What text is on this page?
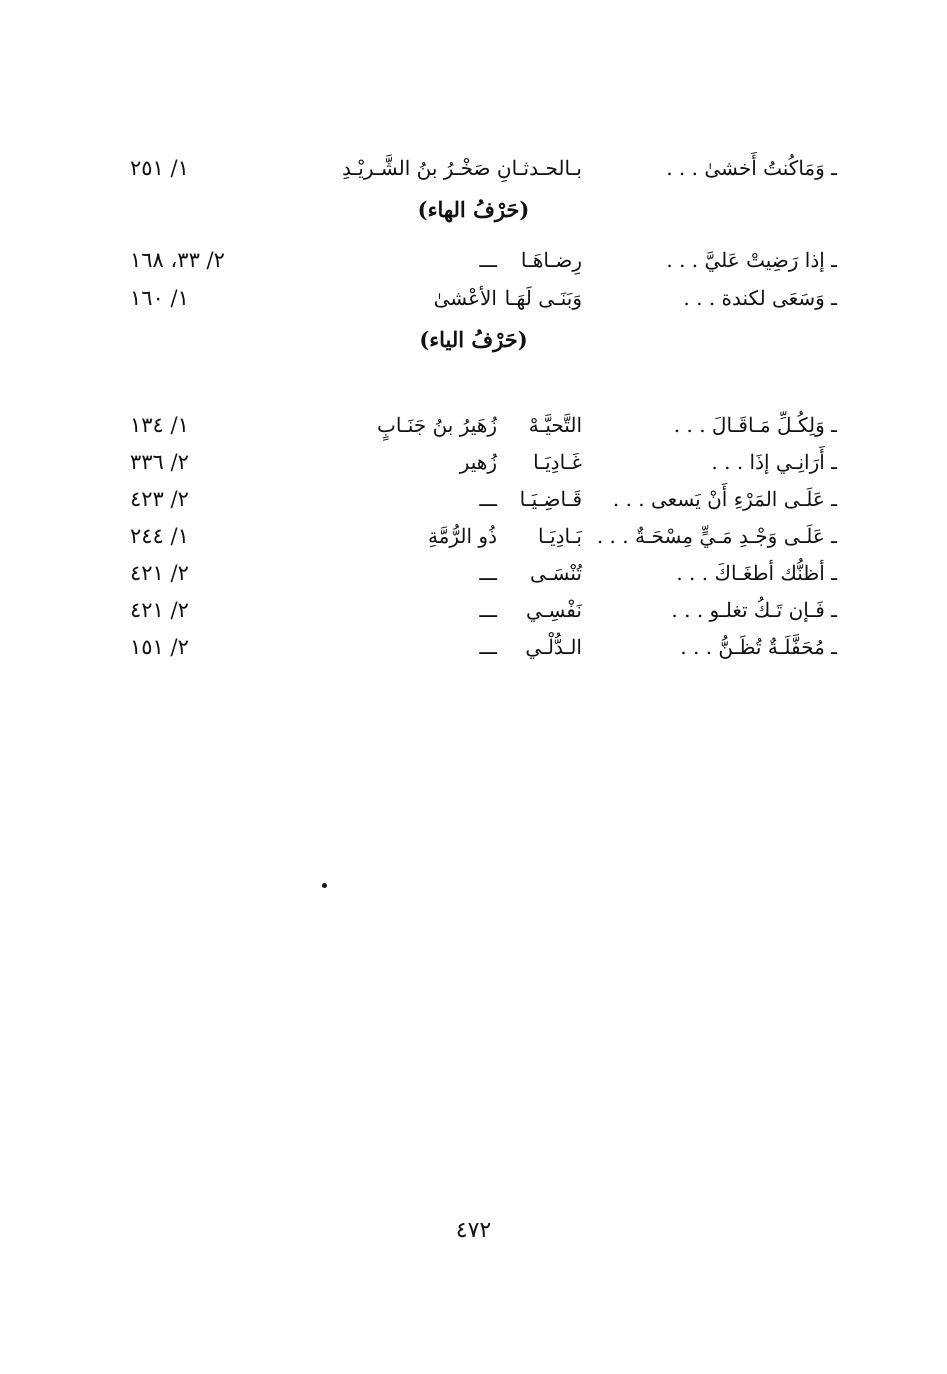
ـ وَمَاكُنتُ أَخشىٰ . . .
بـالحـدثـانِ صَخْـرُ بنُ الشَّـريْـدِ
١/ ٢٥١
(حَرْفُ الهاء)
ـ إذا رَضِيتْ عَليَّ . . .
رِضـاهَـا
ـــ
٢/ ٣٣، ١٦٨
ـ وَسَعَى لكندة . . .
وَبَنَـى لَهَـا
الأعْشىٰ
١/ ١٦٠
(حَرْفُ الياء)
ـ وَلِكُـلِّ مَـاقَـالَ . . .
التَّحيَّـهْ
زُهَيرُ بنُ جَنَـابٍ
١/ ١٣٤
ـ أَرَانِـي إذَا . . .
غَـادِيَـا
زُهير
٢/ ٣٣٦
ـ عَلَـى المَرْءِ أَنْ يَسعى . . .
قَـاضِـيَـا
ـــ
٢/ ٤٢٣
ـ عَلَـى وَجْـدِ مَـيٍّ مِسْحَـةٌ . . .
بَـادِيَـا
ذُو الرُّمَّةِ
١/ ٢٤٤
ـ أظنُّك أطغَـاكَ . . .
تُنْسَـى
ـــ
٢/ ٤٢١
ـ فَـإن تَـكُ تغلـو . . .
نَفْسِـي
ـــ
٢/ ٤٢١
ـ مُحَفَّلَـةٌ تُظَـنُّ . . .
الـدُّلْـي
ـــ
٢/ ١٥١
٤٧٢
